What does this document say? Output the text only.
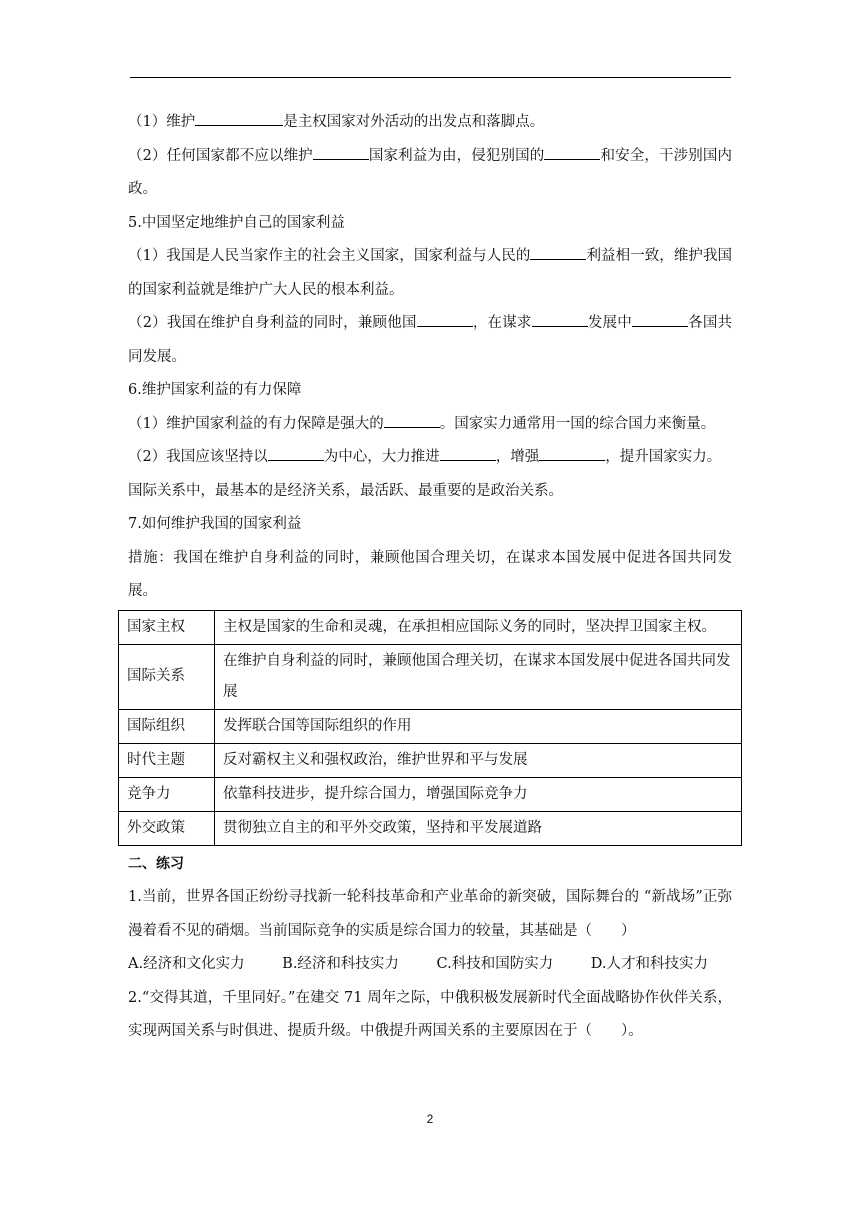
（1）维护	是主权国家对外活动的出发点和落脚点。

（2）任何国家都不应以维护	国家利益为由，侵犯别国的	和安全，干涉别国内政。

5.中国坚定地维护自己的国家利益

（1）我国是人民当家作主的社会主义国家，国家利益与人民的	利益相一致，维护我国的国家利益就是维护广大人民的根本利益。

（2）我国在维护自身利益的同时，兼顾他国	，在谋求	发展中	各国共同发展。

6.维护国家利益的有力保障

（1）维护国家利益的有力保障是强大的	。国家实力通常用一国的综合国力来衡量。

（2）我国应该坚持以	为中心，大力推进	，增强	，提升国家实力。

国际关系中，最基本的是经济关系，最活跃、最重要的是政治关系。

7.如何维护我国的国家利益

措施：我国在维护自身利益的同时，兼顾他国合理关切，在谋求本国发展中促进各国共同发展。

国家主权	主权是国家的生命和灵魂，在承担相应国际义务的同时，坚决捍卫国家主权。
国际关系	在维护自身利益的同时，兼顾他国合理关切，在谋求本国发展中促进各国共同发展
国际组织	发挥联合国等国际组织的作用
时代主题	反对霸权主义和强权政治，维护世界和平与发展
竞争力	依靠科技进步，提升综合国力，增强国际竞争力
外交政策	贯彻独立自主的和平外交政策，坚持和平发展道路

二、练习

1.当前，世界各国正纷纷寻找新一轮科技革命和产业革命的新突破，国际舞台的 “新战场”正弥漫着看不见的硝烟。当前国际竞争的实质是综合国力的较量，其基础是（　　）

A.经济和文化实力	B.经济和科技实力	C.科技和国防实力	D.人才和科技实力

2.“交得其道，千里同好。”在建交 71 周年之际，中俄积极发展新时代全面战略协作伙伴关系，实现两国关系与时俱进、提质升级。中俄提升两国关系的主要原因在于（　　）。

2
